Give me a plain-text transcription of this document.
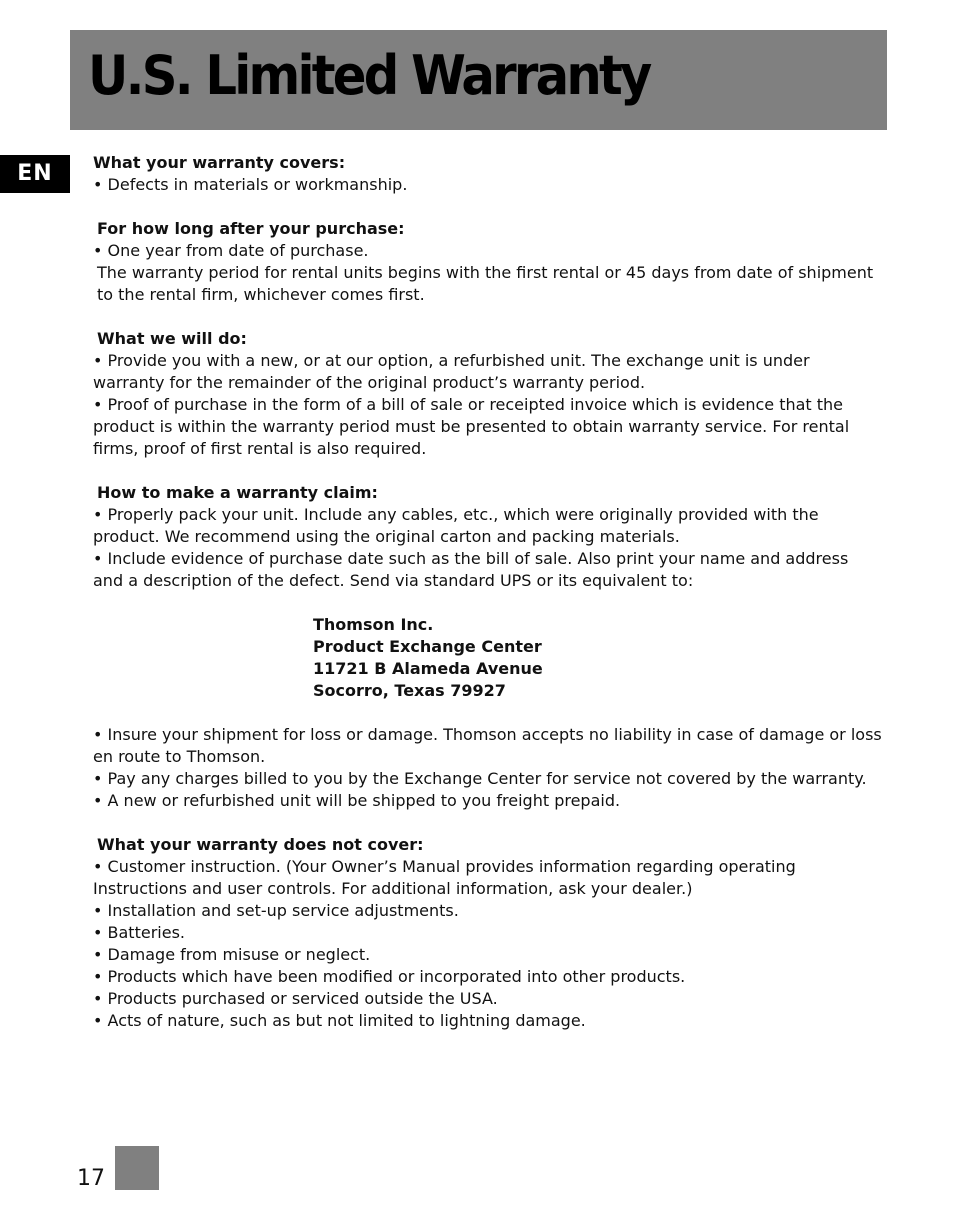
U.S. Limited Warranty
EN	What your warranty covers:

• Defects in materials or workmanship.

For how long after your purchase:

• One year from date of purchase.

The warranty period for rental units begins with the first rental or 45 days from date of shipment to the rental firm, whichever comes first.

What we will do:

• Provide you with a new, or at our option, a refurbished unit. The exchange unit is under warranty for the remainder of the original product’s warranty period.

• Proof of purchase in the form of a bill of sale or receipted invoice which is evidence that the product is within the warranty period must be presented to obtain warranty service. For rental firms, proof of first rental is also required.

How to make a warranty claim:

• Properly pack your unit. Include any cables, etc., which were originally provided with the product. We recommend using the original carton and packing materials.

• Include evidence of purchase date such as the bill of sale. Also print your name and address and a description of the defect. Send via standard UPS or its equivalent to:

Thomson Inc.
Product Exchange Center
11721 B Alameda Avenue
Socorro, Texas 79927

• Insure your shipment for loss or damage. Thomson accepts no liability in case of damage or loss en route to Thomson.

• Pay any charges billed to you by the Exchange Center for service not covered by the warranty.

• A new or refurbished unit will be shipped to you freight prepaid.

What your warranty does not cover:

• Customer instruction. (Your Owner’s Manual provides information regarding operating Instructions and user controls. For additional information, ask your dealer.)

• Installation and set-up service adjustments.

• Batteries.

• Damage from misuse or neglect.

• Products which have been modified or incorporated into other products.

• Products purchased or serviced outside the USA.

• Acts of nature, such as but not limited to lightning damage.

17
